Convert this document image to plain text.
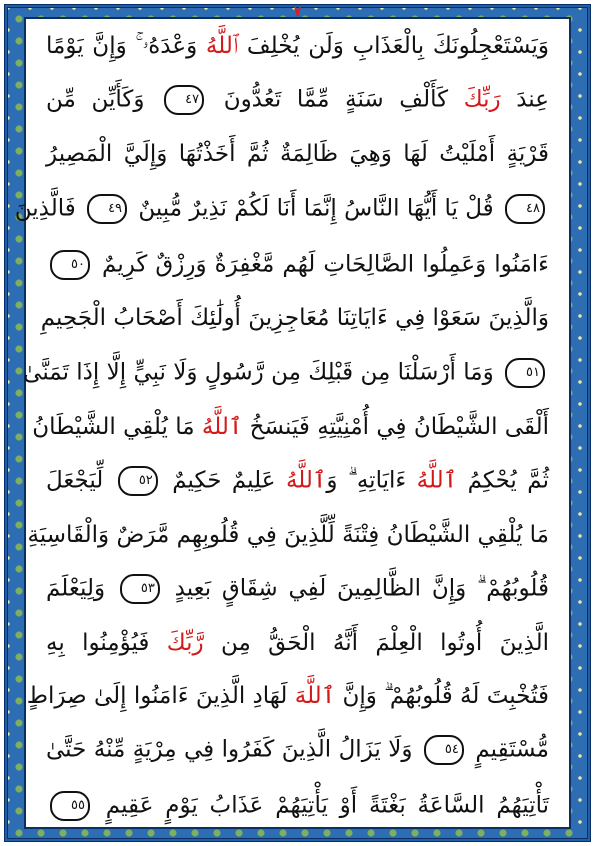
٧
وَيَسْتَعْجِلُونَكَ بِالْعَذَابِ وَلَن يُخْلِفَ ٱللَّهُ وَعْدَهُۥ ۚ وَإِنَّ يَوْمًا
عِندَ رَبِّكَ كَأَلْفِ سَنَةٍ مِّمَّا تَعُدُّونَ ٤٧ وَكَأَيِّن مِّن
قَرْيَةٍ أَمْلَيْتُ لَهَا وَهِيَ ظَالِمَةٌ ثُمَّ أَخَذْتُهَا وَإِلَيَّ الْمَصِيرُ
٤٨ قُلْ يَا أَيُّهَا النَّاسُ إِنَّمَا أَنَا لَكُمْ نَذِيرٌ مُّبِينٌ ٤٩ فَالَّذِينَ
ءَامَنُوا وَعَمِلُوا الصَّالِحَاتِ لَهُم مَّغْفِرَةٌ وَرِزْقٌ كَرِيمٌ ٥٠
وَالَّذِينَ سَعَوْا فِي ءَايَاتِنَا مُعَاجِزِينَ أُولَٰئِكَ أَصْحَابُ الْجَحِيمِ
٥١ وَمَا أَرْسَلْنَا مِن قَبْلِكَ مِن رَّسُولٍ وَلَا نَبِيٍّ إِلَّا إِذَا تَمَنَّىٰ
أَلْقَى الشَّيْطَانُ فِي أُمْنِيَّتِهِ فَيَنسَخُ ٱللَّهُ مَا يُلْقِي الشَّيْطَانُ
ثُمَّ يُحْكِمُ ٱللَّهُ ءَايَاتِهِ ۗ وَٱللَّهُ عَلِيمٌ حَكِيمٌ ٥٢ لِّيَجْعَلَ
مَا يُلْقِي الشَّيْطَانُ فِتْنَةً لِّلَّذِينَ فِي قُلُوبِهِم مَّرَضٌ وَالْقَاسِيَةِ
قُلُوبُهُمْ ۗ وَإِنَّ الظَّالِمِينَ لَفِي شِقَاقٍ بَعِيدٍ ٥٣ وَلِيَعْلَمَ
الَّذِينَ أُوتُوا الْعِلْمَ أَنَّهُ الْحَقُّ مِن رَّبِّكَ فَيُؤْمِنُوا بِهِ
فَتُخْبِتَ لَهُ قُلُوبُهُمْ ۗ وَإِنَّ ٱللَّهَ لَهَادِ الَّذِينَ ءَامَنُوا إِلَىٰ صِرَاطٍ
مُّسْتَقِيمٍ ٥٤ وَلَا يَزَالُ الَّذِينَ كَفَرُوا فِي مِرْيَةٍ مِّنْهُ حَتَّىٰ
تَأْتِيَهُمُ السَّاعَةُ بَغْتَةً أَوْ يَأْتِيَهُمْ عَذَابُ يَوْمٍ عَقِيمٍ ٥٥
